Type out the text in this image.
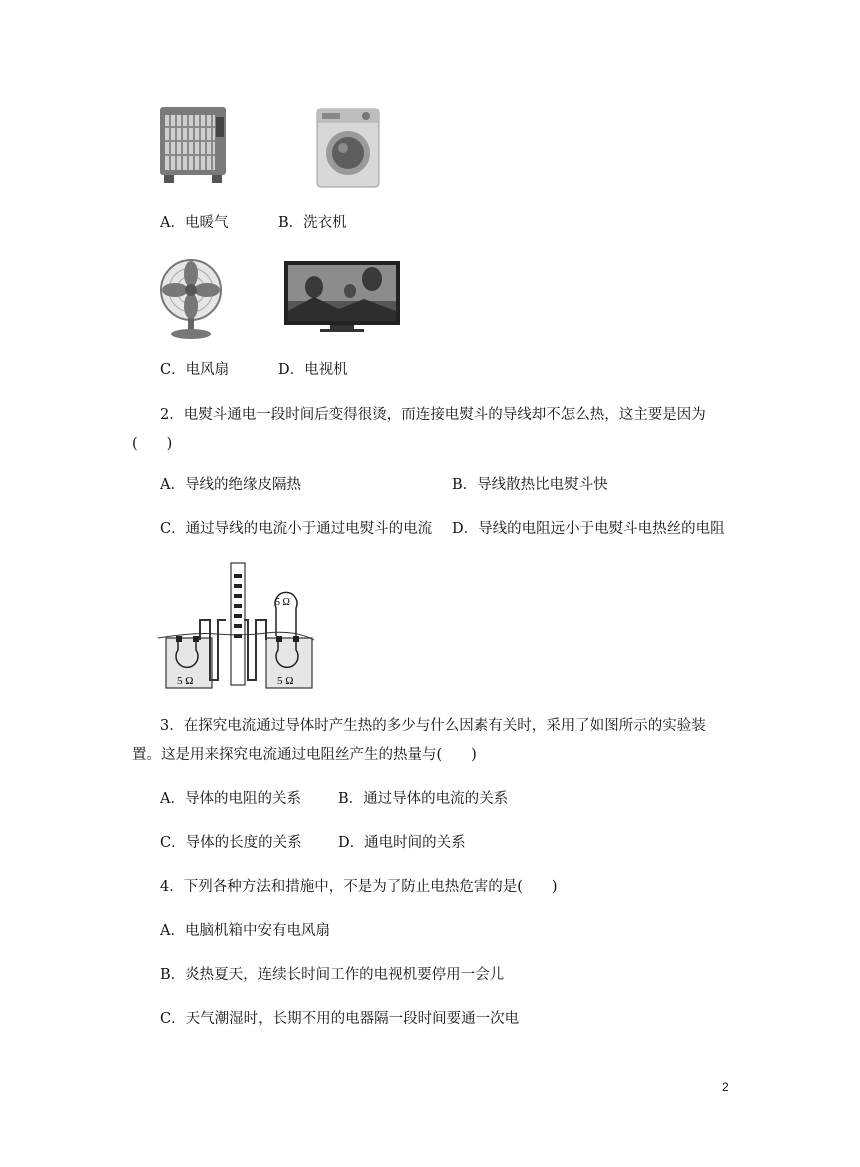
A．电暖气	B．洗衣机
C．电风扇	D．电视机
2．电熨斗通电一段时间后变得很烫，而连接电熨斗的导线却不怎么热，这主要是因为
(　　)
A．导线的绝缘皮隔热	B．导线散热比电熨斗快
C．通过导线的电流小于通过电熨斗的电流 D．导线的电阻远小于电熨斗电热丝的电阻
5 Ω	5 Ω
5 Ω
3．在探究电流通过导体时产生热的多少与什么因素有关时，采用了如图所示的实验装
置。这是用来探究电流通过电阻丝产生的热量与(　　)
A．导体的电阻的关系	B．通过导体的电流的关系
C．导体的长度的关系	D．通电时间的关系
4．下列各种方法和措施中，不是为了防止电热危害的是(　　)
A．电脑机箱中安有电风扇
B．炎热夏天，连续长时间工作的电视机要停用一会儿
C．天气潮湿时，长期不用的电器隔一段时间要通一次电
2
